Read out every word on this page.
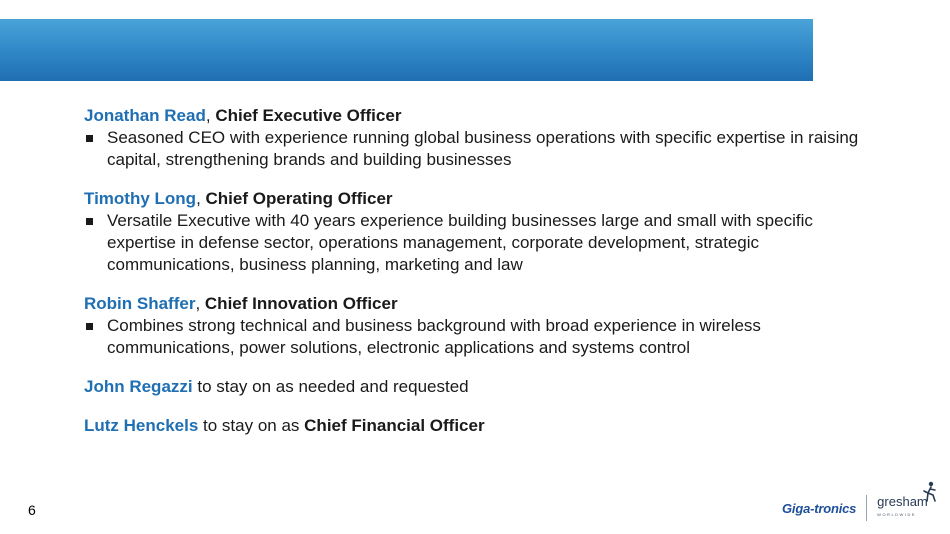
Jonathan Read, Chief Executive Officer
Seasoned CEO with experience running global business operations with specific expertise in raising capital, strengthening brands and building businesses
Timothy Long, Chief Operating Officer
Versatile Executive with 40 years experience building businesses large and small with specific expertise in defense sector, operations management, corporate development, strategic communications, business planning, marketing and law
Robin Shaffer, Chief Innovation Officer
Combines strong technical and business background with broad experience in wireless communications, power solutions, electronic applications and systems control
John Regazzi to stay on as needed and requested
Lutz Henckels to stay on as Chief Financial Officer
6	Giga-tronics gresham
WORLDWIDE
